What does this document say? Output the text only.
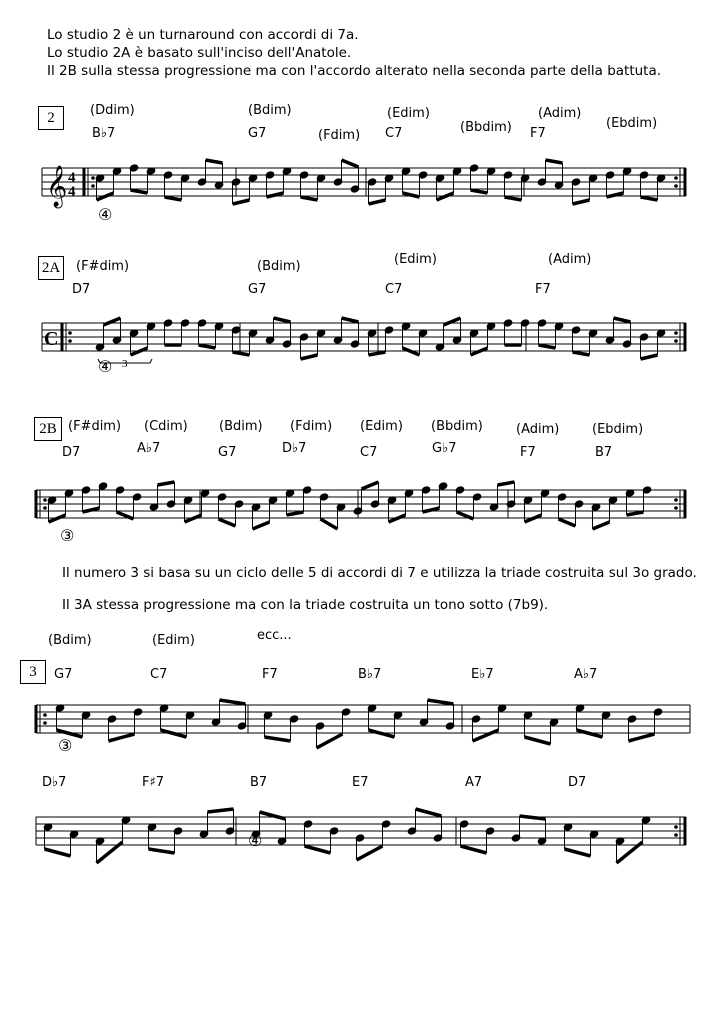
Lo studio 2 è un turnaround con accordi di 7a.
Lo studio 2A è basato sull'inciso dell'Anatole.
Il 2B sulla stessa progressione ma con l'accordo alterato nella seconda parte della battuta.
2	(Ddim)	(Bdim)
(Fdim)
(Edim)
(Bbdim)
(Adim)
(Ebdim)
B♭7	G7	C7	F7
𝄞 4
4
④
2A (F#dim)	(Bdim)	(Edim)	(Adim)
D7	G7	C7	F7
C
3
④
2B (F#dim) (Cdim) (Bdim) (Fdim) (Edim) (Bbdim)	(Adim)	(Ebdim)
D7	A♭7	G7	D♭7	C7	G♭7	F7	B7
③
Il numero 3 si basa su un ciclo delle 5 di accordi di 7 e utilizza la triade costruita sul 3o grado.
Il 3A stessa progressione ma con la triade costruita un tono sotto (7b9).
(Bdim)	(Edim)	ecc...
3	G7	C7	F7	B♭7	E♭7	A♭7
③
D♭7	F♯7	B7	E7	A7	D7
④
